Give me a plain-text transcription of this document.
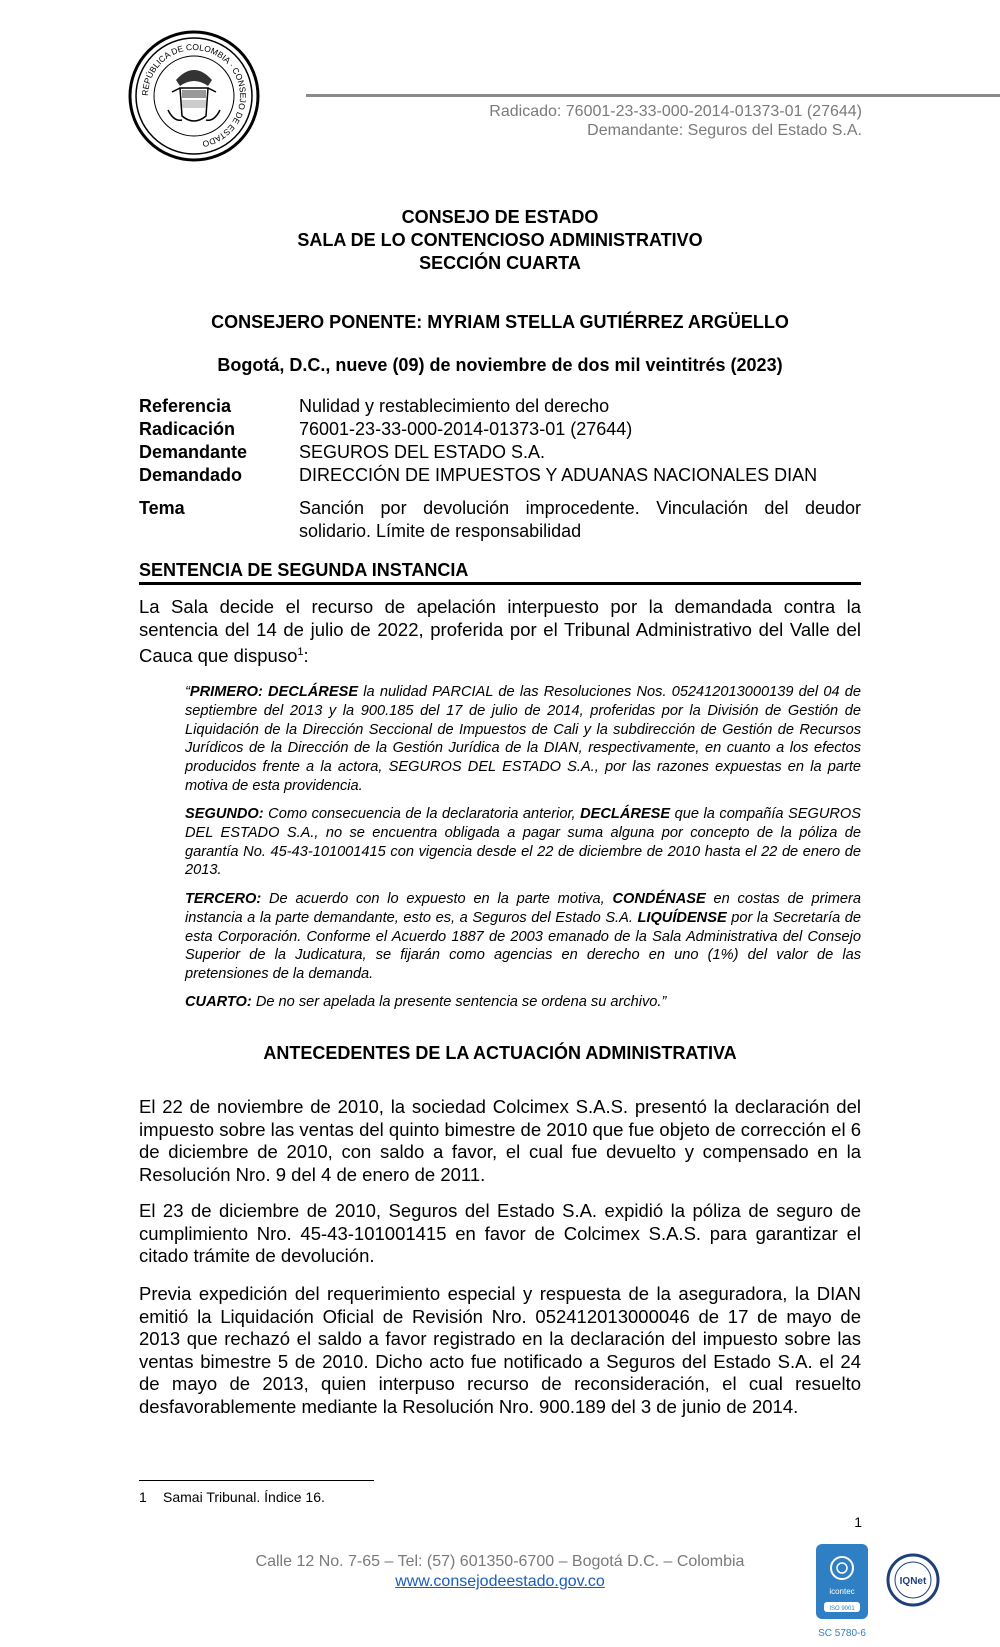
REPÚBLICA DE COLOMBIA · CONSEJO DE ESTADO
Radicado: 76001-23-33-000-2014-01373-01 (27644)
Demandante: Seguros del Estado S.A.
CONSEJO DE ESTADO
SALA DE LO CONTENCIOSO ADMINISTRATIVO
SECCIÓN CUARTA
CONSEJERO PONENTE: MYRIAM STELLA GUTIÉRREZ ARGÜELLO
Bogotá, D.C., nueve (09) de noviembre de dos mil veintitrés (2023)
Referencia	Nulidad y restablecimiento del derecho
Radicación	76001-23-33-000-2014-01373-01 (27644)
Demandante	SEGUROS DEL ESTADO S.A.
Demandado	DIRECCIÓN DE IMPUESTOS Y ADUANAS NACIONALES DIAN
Tema	Sanción por devolución improcedente. Vinculación del deudor solidario. Límite de responsabilidad
SENTENCIA DE SEGUNDA INSTANCIA
La Sala decide el recurso de apelación interpuesto por la demandada contra la sentencia del 14 de julio de 2022, proferida por el Tribunal Administrativo del Valle del Cauca que dispuso$^1$:
“PRIMERO: DECLÁRESE la nulidad PARCIAL de las Resoluciones Nos. 052412013000139 del 04 de septiembre del 2013 y la 900.185 del 17 de julio de 2014, proferidas por la División de Gestión de Liquidación de la Dirección Seccional de Impuestos de Cali y la subdirección de Gestión de Recursos Jurídicos de la Dirección de la Gestión Jurídica de la DIAN, respectivamente, en cuanto a los efectos producidos frente a la actora, SEGUROS DEL ESTADO S.A., por las razones expuestas en la parte motiva de esta providencia.
SEGUNDO: Como consecuencia de la declaratoria anterior, DECLÁRESE que la compañía SEGUROS DEL ESTADO S.A., no se encuentra obligada a pagar suma alguna por concepto de la póliza de garantía No. 45-43-101001415 con vigencia desde el 22 de diciembre de 2010 hasta el 22 de enero de 2013.
TERCERO: De acuerdo con lo expuesto en la parte motiva, CONDÉNASE en costas de primera instancia a la parte demandante, esto es, a Seguros del Estado S.A. LIQUÍDENSE por la Secretaría de esta Corporación. Conforme el Acuerdo 1887 de 2003 emanado de la Sala Administrativa del Consejo Superior de la Judicatura, se fijarán como agencias en derecho en uno (1%) del valor de las pretensiones de la demanda.
CUARTO: De no ser apelada la presente sentencia se ordena su archivo.”
ANTECEDENTES DE LA ACTUACIÓN ADMINISTRATIVA
El 22 de noviembre de 2010, la sociedad Colcimex S.A.S. presentó la declaración del impuesto sobre las ventas del quinto bimestre de 2010 que fue objeto de corrección el 6 de diciembre de 2010, con saldo a favor, el cual fue devuelto y compensado en la Resolución Nro. 9 del 4 de enero de 2011.
El 23 de diciembre de 2010, Seguros del Estado S.A. expidió la póliza de seguro de cumplimiento Nro. 45-43-101001415 en favor de Colcimex S.A.S. para garantizar el citado trámite de devolución.
Previa expedición del requerimiento especial y respuesta de la aseguradora, la DIAN emitió la Liquidación Oficial de Revisión Nro. 052412013000046 de 17 de mayo de 2013 que rechazó el saldo a favor registrado en la declaración del impuesto sobre las ventas bimestre 5 de 2010. Dicho acto fue notificado a Seguros del Estado S.A. el 24 de mayo de 2013, quien interpuso recurso de reconsideración, el cual resuelto desfavorablemente mediante la Resolución Nro. 900.189 del 3 de junio de 2014.
1 Samai Tribunal. Índice 16.
1
Calle 12 No. 7-65 – Tel: (57) 601350-6700 – Bogotá D.C. – Colombia
www.consejodeestado.gov.co
icontec
ISO 9001
SC 5780-6
IQNet
